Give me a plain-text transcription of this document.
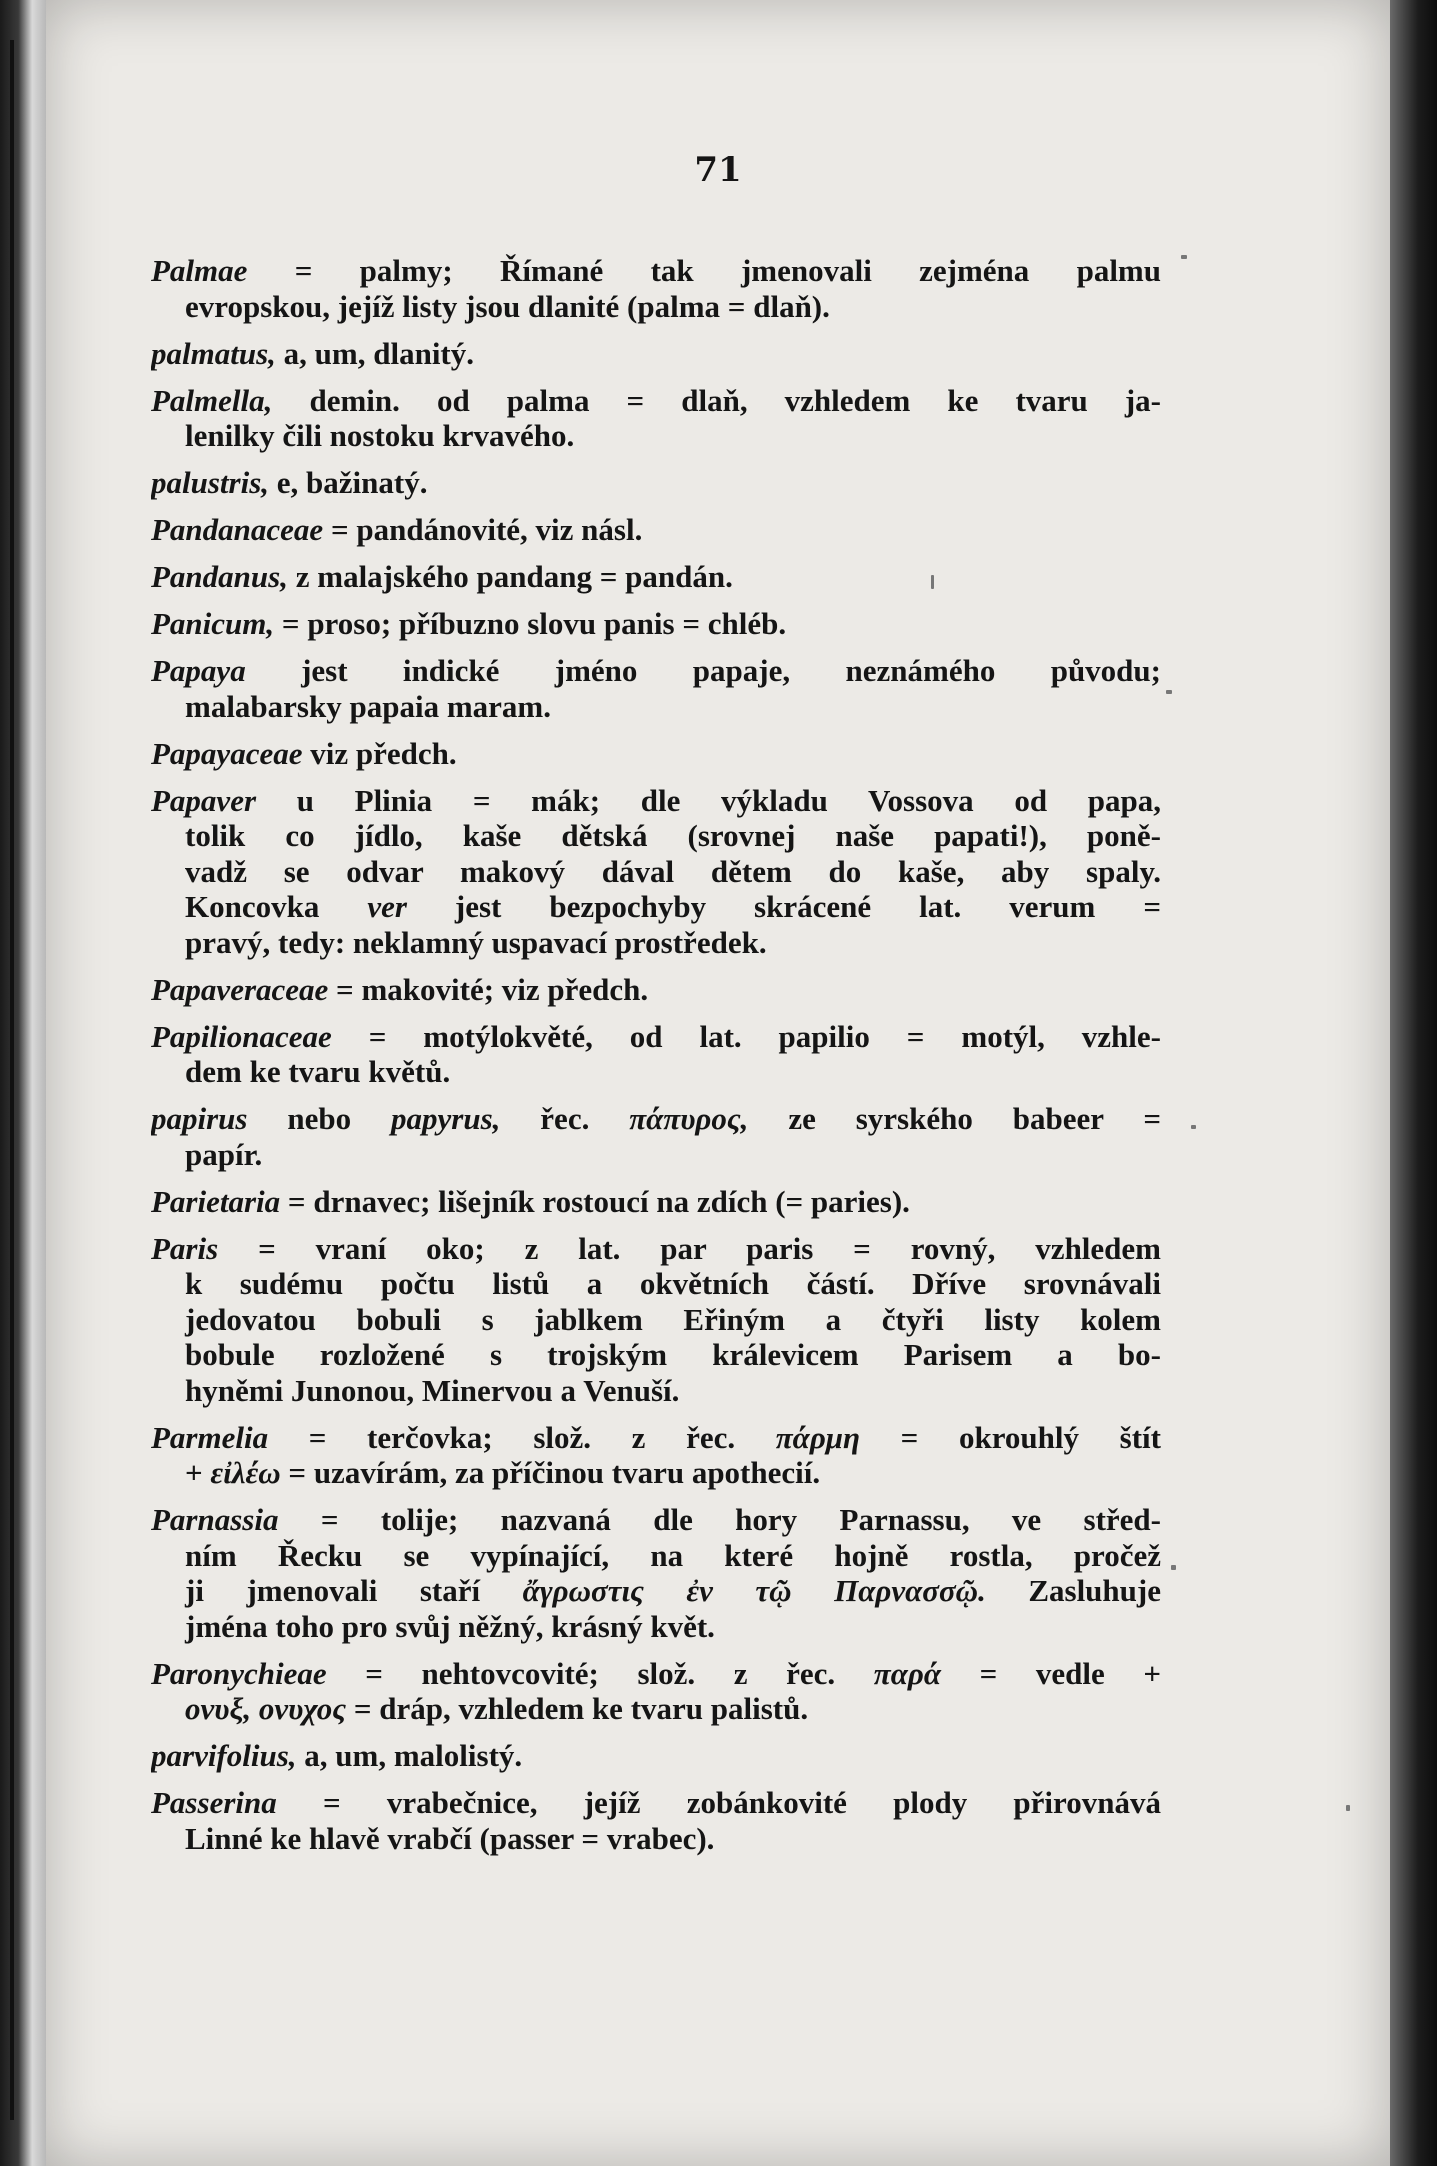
71
Palmae = palmy; Římané tak jmenovali zejména palmu
evropskou, jejíž listy jsou dlanité (palma = dlaň).
palmatus, a, um, dlanitý.
Palmella, demin. od palma = dlaň, vzhledem ke tvaru ja-
lenilky čili nostoku krvavého.
palustris, e, bažinatý.
Pandanaceae = pandánovité, viz násl.
Pandanus, z malajského pandang = pandán.
Panicum, = proso; příbuzno slovu panis = chléb.
Papaya jest indické jméno papaje, neznámého původu;
malabarsky papaia maram.
Papayaceae viz předch.
Papaver u Plinia = mák; dle výkladu Vossova od papa,
tolik co jídlo, kaše dětská (srovnej naše papati!), poně-
vadž se odvar makový dával dětem do kaše, aby spaly.
Koncovka ver jest bezpochyby skrácené lat. verum =
pravý, tedy: neklamný uspavací prostředek.
Papaveraceae = makovité; viz předch.
Papilionaceae = motýlokvěté, od lat. papilio = motýl, vzhle-
dem ke tvaru květů.
papirus nebo papyrus, řec. πάπυρος, ze syrského babeer =
papír.
Parietaria = drnavec; lišejník rostoucí na zdích (= paries).
Paris = vraní oko; z lat. par paris = rovný, vzhledem
k sudému počtu listů a okvětních částí. Dříve srovnávali
jedovatou bobuli s jablkem Eřiným a čtyři listy kolem
bobule rozložené s trojským králevicem Parisem a bo-
hyněmi Junonou, Minervou a Venuší.
Parmelia = terčovka; slož. z řec. πάρμη = okrouhlý štít
+ εἰλέω = uzavírám, za příčinou tvaru apothecií.
Parnassia = tolije; nazvaná dle hory Parnassu, ve střed-
ním Řecku se vypínající, na které hojně rostla, pročež
ji jmenovali staří ἄγρωστις ἐν τῷ Παρνασσῷ. Zasluhuje
jména toho pro svůj něžný, krásný květ.
Paronychieae = nehtovcovité; slož. z řec. παρά = vedle +
ονυξ, ονυχος = dráp, vzhledem ke tvaru palistů.
parvifolius, a, um, malolistý.
Passerina = vrabečnice, jejíž zobánkovité plody přirovnává
Linné ke hlavě vrabčí (passer = vrabec).
